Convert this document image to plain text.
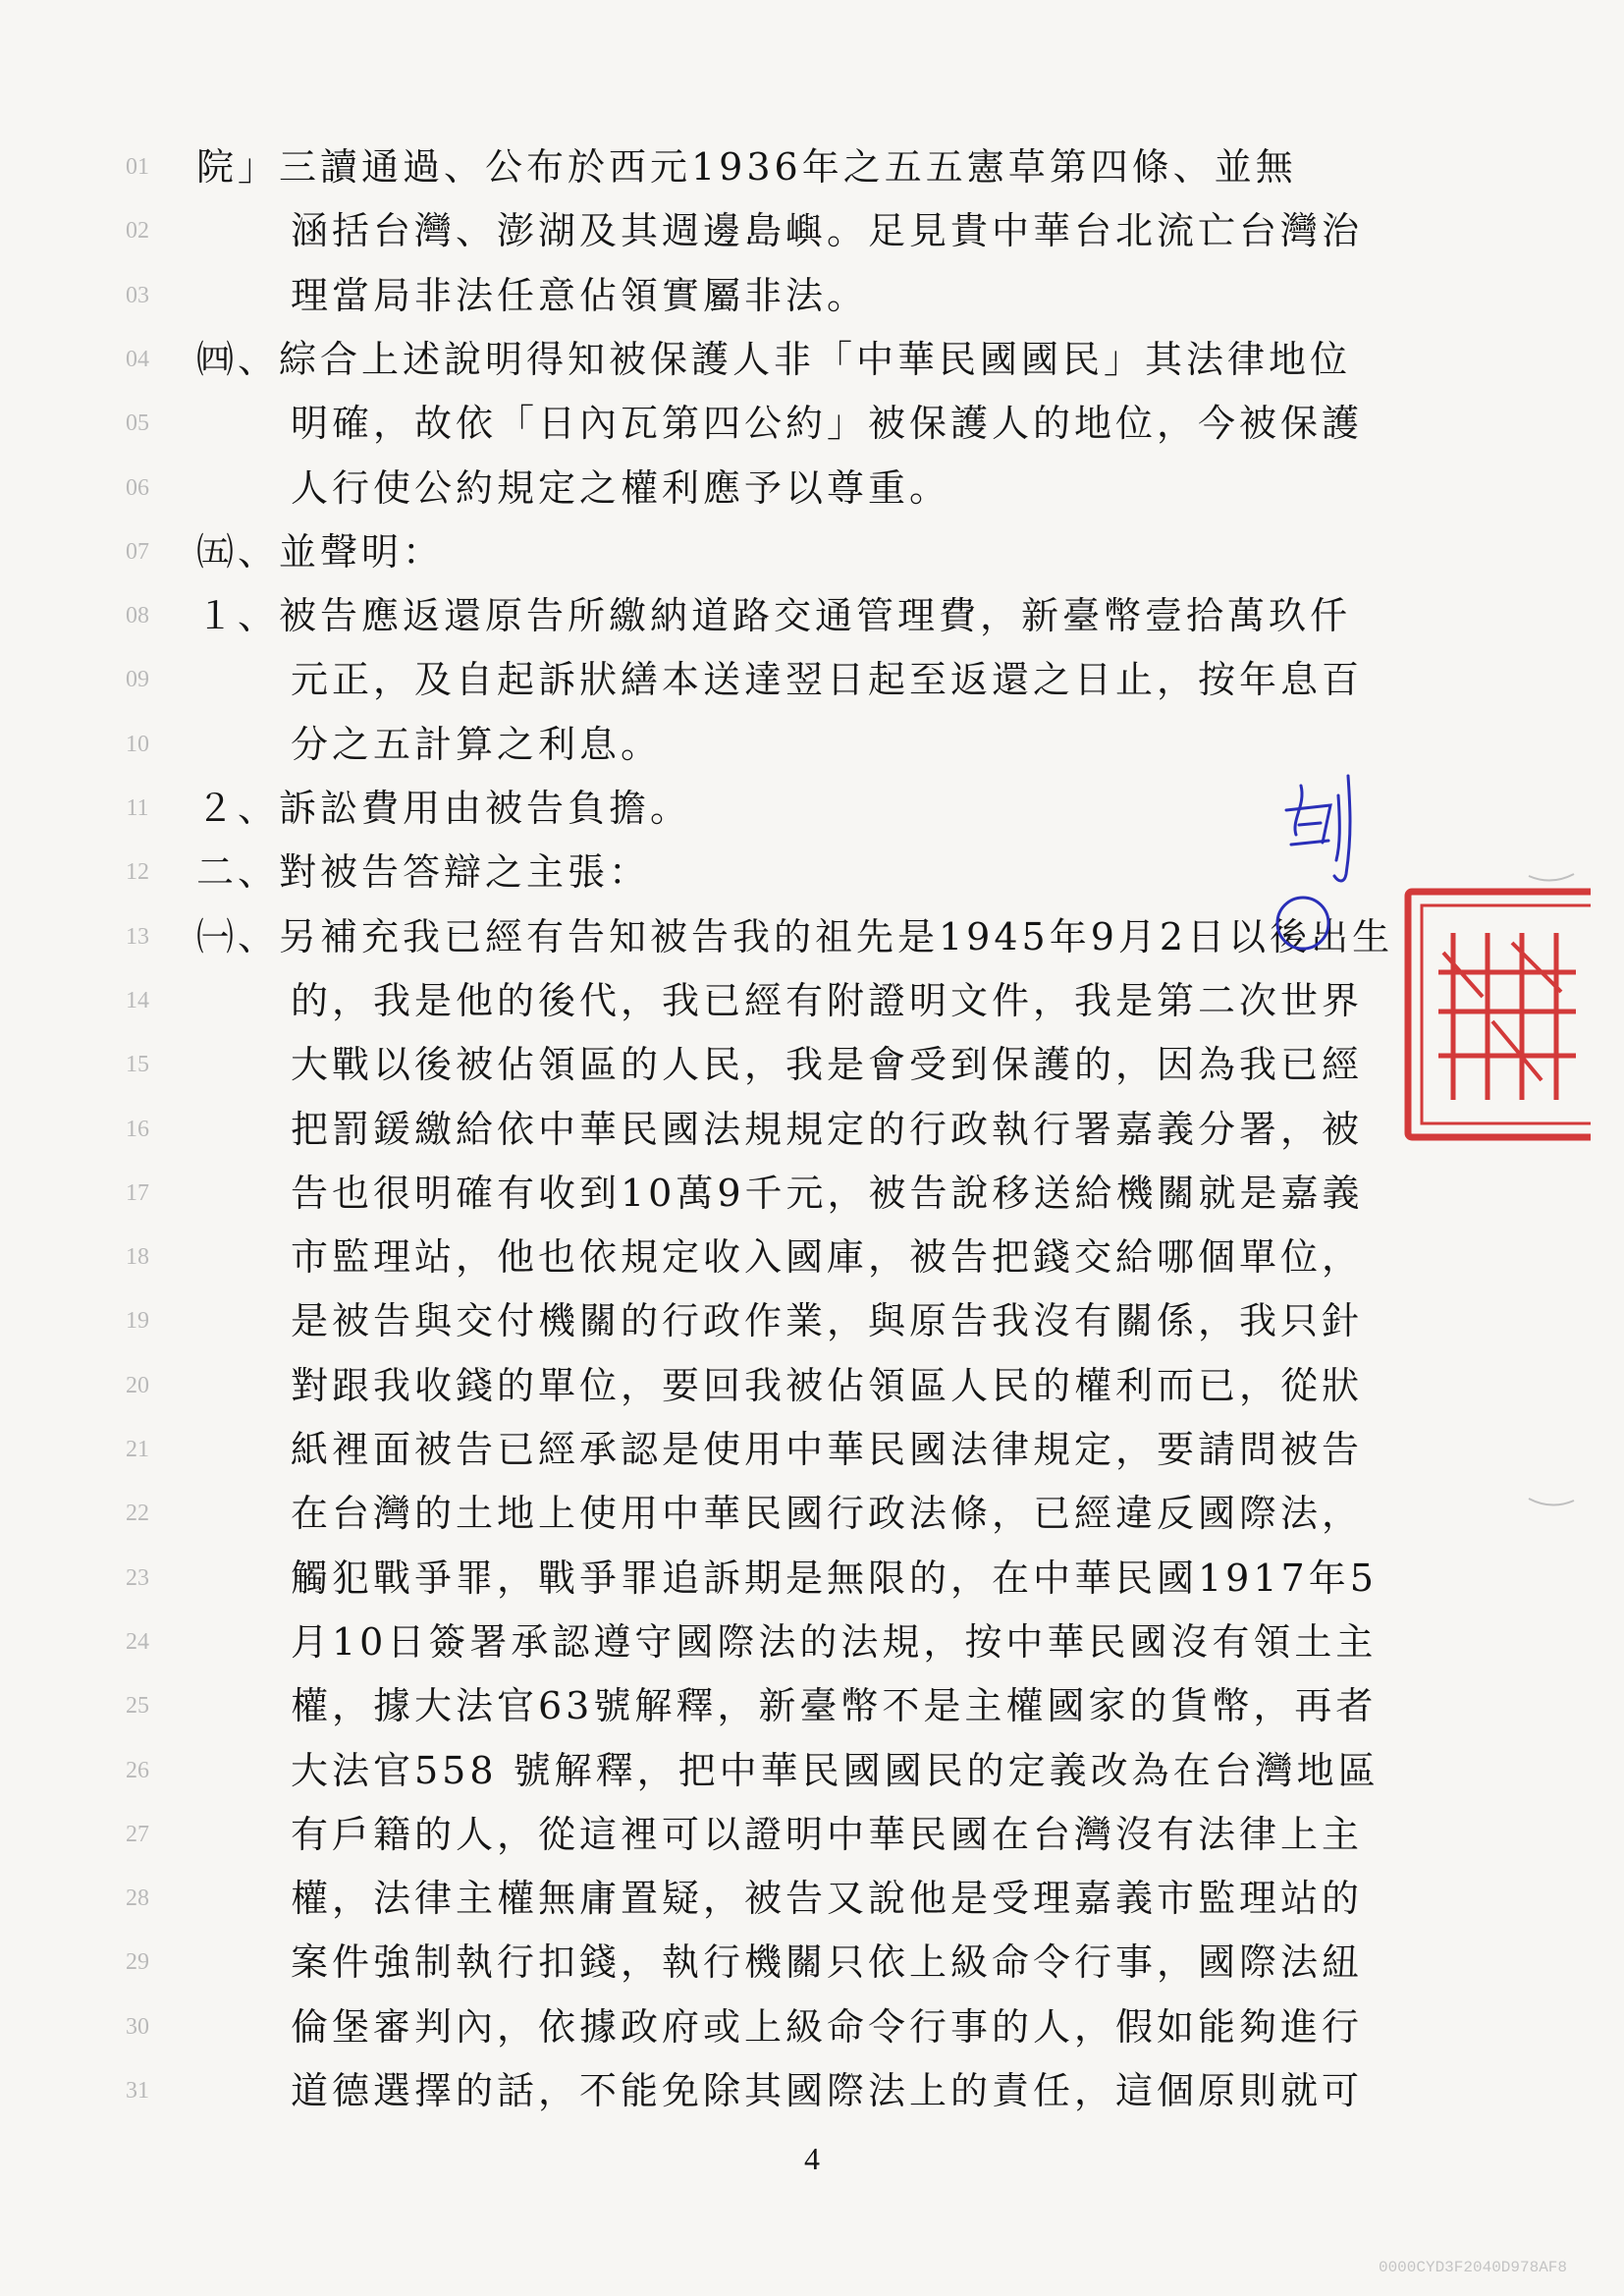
01
02
03
04
05
06
07
08
09
10
11
12
13
14
15
16
17
18
19
20
21
22
23
24
25
26
27
28
29
30
31
院」三讀通過、公布於西元1936年之五五憲草第四條、並無
涵括台灣、澎湖及其週邊島嶼。足見貴中華台北流亡台灣治
理當局非法任意佔領實屬非法。
㈣、綜合上述說明得知被保護人非「中華民國國民」其法律地位
明確，故依「日內瓦第四公約」被保護人的地位，今被保護
人行使公約規定之權利應予以尊重。
㈤、並聲明：
１、被告應返還原告所繳納道路交通管理費，新臺幣壹拾萬玖仟
元正，及自起訴狀繕本送達翌日起至返還之日止，按年息百
分之五計算之利息。
２、訴訟費用由被告負擔。
二、對被告答辯之主張：
㈠、另補充我已經有告知被告我的祖先是1945年9月2日以後出生
的，我是他的後代，我已經有附證明文件，我是第二次世界
大戰以後被佔領區的人民，我是會受到保護的，因為我已經
把罰鍰繳給依中華民國法規規定的行政執行署嘉義分署，被
告也很明確有收到10萬9千元，被告說移送給機關就是嘉義
市監理站，他也依規定收入國庫，被告把錢交給哪個單位，
是被告與交付機關的行政作業，與原告我沒有關係，我只針
對跟我收錢的單位，要回我被佔領區人民的權利而已，從狀
紙裡面被告已經承認是使用中華民國法律規定，要請問被告
在台灣的土地上使用中華民國行政法條，已經違反國際法，
觸犯戰爭罪，戰爭罪追訴期是無限的，在中華民國1917年5
月10日簽署承認遵守國際法的法規，按中華民國沒有領土主
權，據大法官63號解釋，新臺幣不是主權國家的貨幣，再者
大法官558 號解釋，把中華民國國民的定義改為在台灣地區
有戶籍的人，從這裡可以證明中華民國在台灣沒有法律上主
權，法律主權無庸置疑，被告又說他是受理嘉義市監理站的
案件強制執行扣錢，執行機關只依上級命令行事，國際法紐
倫堡審判內，依據政府或上級命令行事的人，假如能夠進行
道德選擇的話，不能免除其國際法上的責任，這個原則就可
4
0000CYD3F2040D978AF8
